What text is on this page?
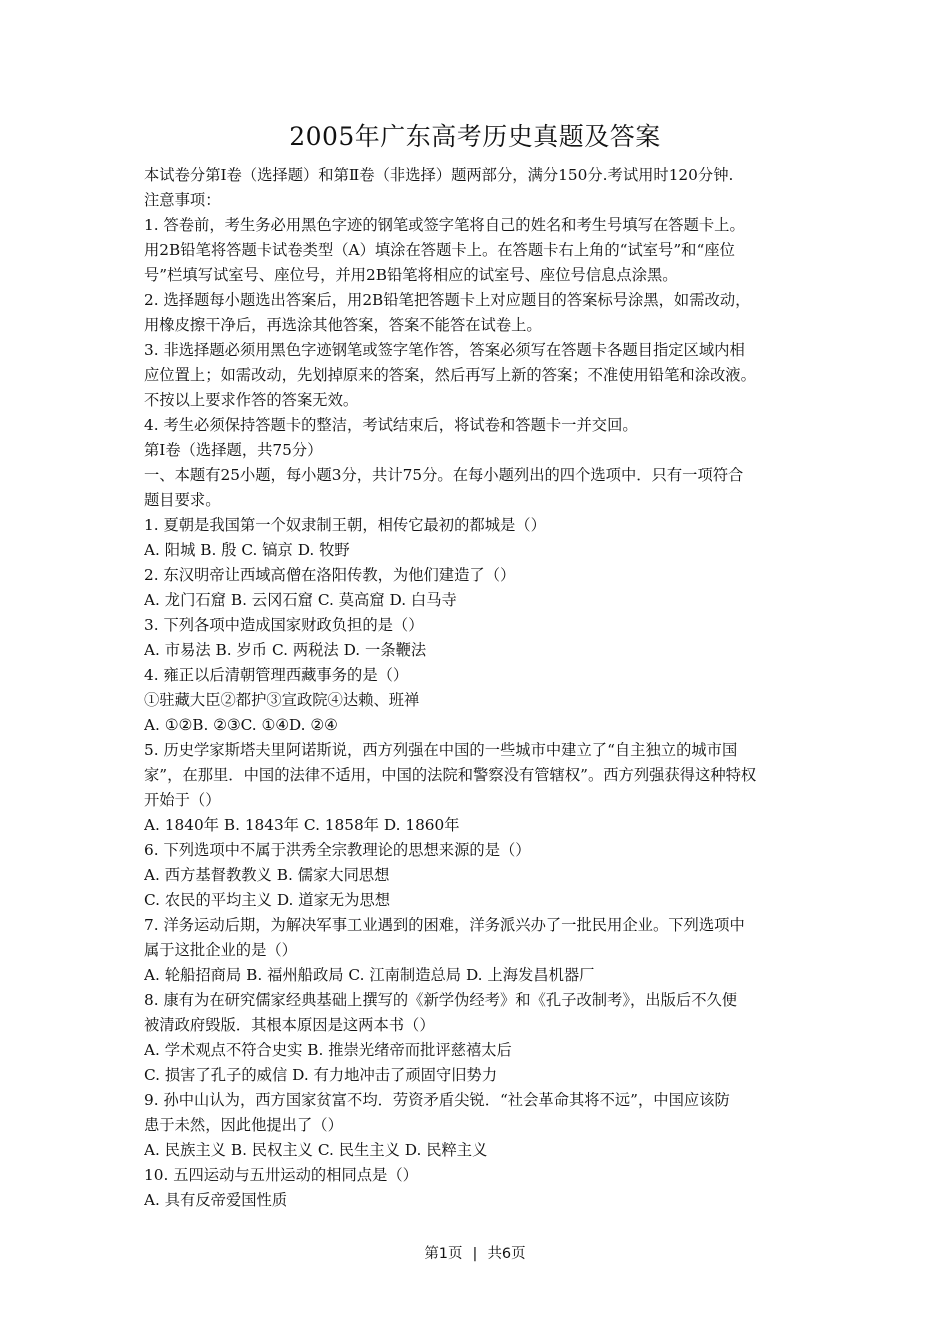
2005年广东高考历史真题及答案
本试卷分第Ⅰ卷（选择题）和第Ⅱ卷（非选择）题两部分，满分150分.考试用时120分钟.
注意事项：
1. 答卷前，考生务必用黑色字迹的钢笔或签字笔将自己的姓名和考生号填写在答题卡上。
用2B铅笔将答题卡试卷类型（A）填涂在答题卡上。在答题卡右上角的“试室号”和“座位
号”栏填写试室号、座位号，并用2B铅笔将相应的试室号、座位号信息点涂黑。
2. 选择题每小题选出答案后，用2B铅笔把答题卡上对应题目的答案标号涂黑，如需改动，
用橡皮擦干净后，再选涂其他答案，答案不能答在试卷上。
3. 非选择题必须用黑色字迹钢笔或签字笔作答，答案必须写在答题卡各题目指定区域内相
应位置上；如需改动，先划掉原来的答案，然后再写上新的答案；不准使用铅笔和涂改液。
不按以上要求作答的答案无效。
4. 考生必须保持答题卡的整洁，考试结束后，将试卷和答题卡一并交回。
第Ⅰ卷（选择题，共75分）
一、本题有25小题，每小题3分，共计75分。在每小题列出的四个选项中．只有一项符合
题目要求。
1. 夏朝是我国第一个奴隶制王朝，相传它最初的都城是（）
A. 阳城 B. 殷 C. 镐京 D. 牧野
2. 东汉明帝让西域高僧在洛阳传教，为他们建造了（）
A. 龙门石窟 B. 云冈石窟 C. 莫高窟 D. 白马寺
3. 下列各项中造成国家财政负担的是（）
A. 市易法 B. 岁币 C. 两税法 D. 一条鞭法
4. 雍正以后清朝管理西藏事务的是（）
①驻藏大臣②都护③宣政院④达赖、班禅
A. ①②B. ②③C. ①④D. ②④
5. 历史学家斯塔夫里阿诺斯说，西方列强在中国的一些城市中建立了“自主独立的城市国
家”，在那里．中国的法律不适用，中国的法院和警察没有管辖权”。西方列强获得这种特权
开始于（）
A. 1840年 B. 1843年 C. 1858年 D. 1860年
6. 下列选项中不属于洪秀全宗教理论的思想来源的是（）
A. 西方基督教教义 B. 儒家大同思想
C. 农民的平均主义 D. 道家无为思想
7. 洋务运动后期，为解决军事工业遇到的困难，洋务派兴办了一批民用企业。下列选项中
属于这批企业的是（）
A. 轮船招商局 B. 福州船政局 C. 江南制造总局 D. 上海发昌机器厂
8. 康有为在研究儒家经典基础上撰写的《新学伪经考》和《孔子改制考》，出版后不久便
被清政府毁版．其根本原因是这两本书（）
A. 学术观点不符合史实 B. 推崇光绪帝而批评慈禧太后
C. 损害了孔子的威信 D. 有力地冲击了顽固守旧势力
9. 孙中山认为，西方国家贫富不均．劳资矛盾尖锐．“社会革命其将不远”，中国应该防
患于未然，因此他提出了（）
A. 民族主义 B. 民权主义 C. 民生主义 D. 民粹主义
10. 五四运动与五卅运动的相同点是（）
A. 具有反帝爱国性质
第1页 | 共6页
